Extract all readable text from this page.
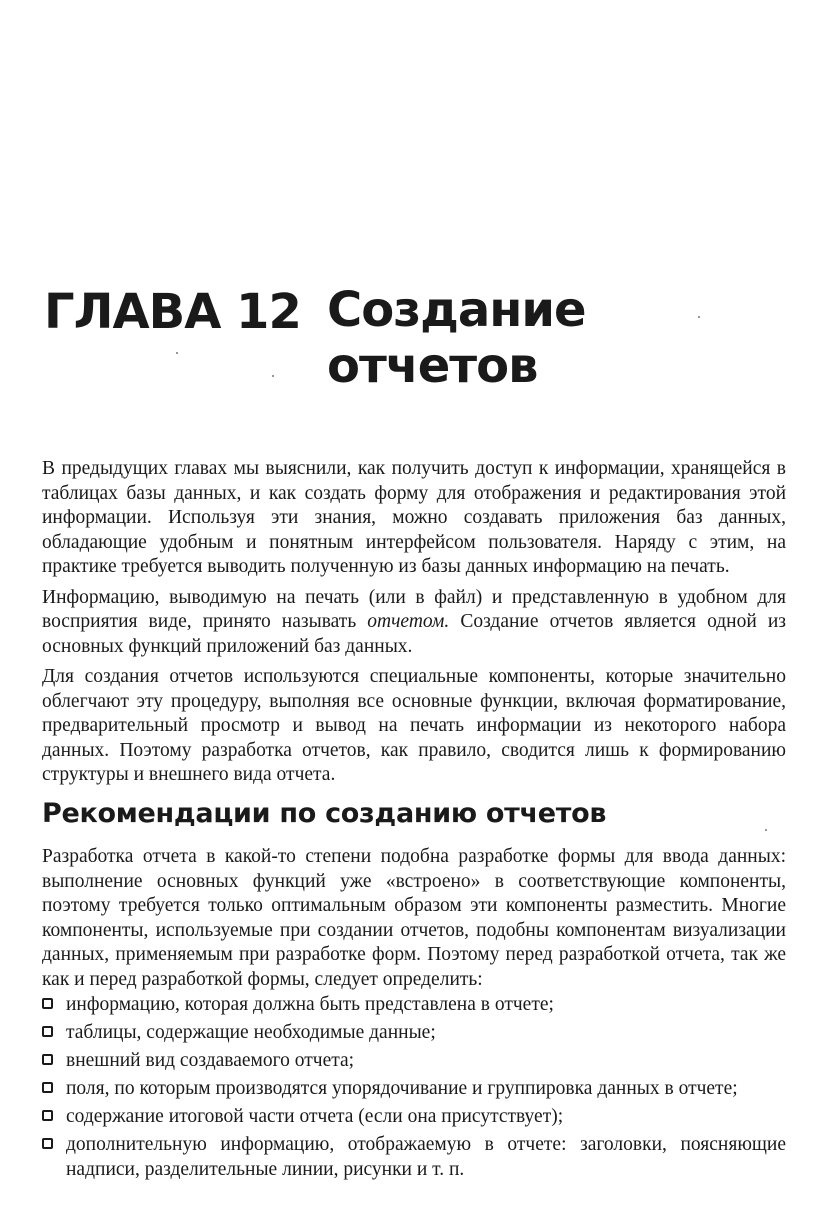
ГЛАВА 12 Создание
отчетов

В предыдущих главах мы выяснили, как получить доступ к информации, хранящейся в таблицах базы данных, и как создать форму для отображения и редактирования этой информации. Используя эти знания, можно создавать приложения баз данных, обладающие удобным и понятным интерфейсом пользователя. Наряду с этим, на практике требуется выводить полученную из базы данных информацию на печать.

Информацию, выводимую на печать (или в файл) и представленную в удобном для восприятия виде, принято называть отчетом. Создание отчетов является одной из основных функций приложений баз данных.

Для создания отчетов используются специальные компоненты, которые значительно облегчают эту процедуру, выполняя все основные функции, включая форматирование, предварительный просмотр и вывод на печать информации из некоторого набора данных. Поэтому разработка отчетов, как правило, сводится лишь к формированию структуры и внешнего вида отчета.

Рекомендации по созданию отчетов

Разработка отчета в какой-то степени подобна разработке формы для ввода данных: выполнение основных функций уже «встроено» в соответствующие компоненты, поэтому требуется только оптимальным образом эти компоненты разместить. Многие компоненты, используемые при создании отчетов, подобны компонентам визуализации данных, применяемым при разработке форм. Поэтому перед разработкой отчета, так же как и перед разработкой формы, следует определить:

информацию, которая должна быть представлена в отчете;
таблицы, содержащие необходимые данные;
внешний вид создаваемого отчета;
поля, по которым производятся упорядочивание и группировка данных в отчете;
содержание итоговой части отчета (если она присутствует);
дополнительную информацию, отображаемую в отчете: заголовки, поясняющие надписи, разделительные линии, рисунки и т. п.
